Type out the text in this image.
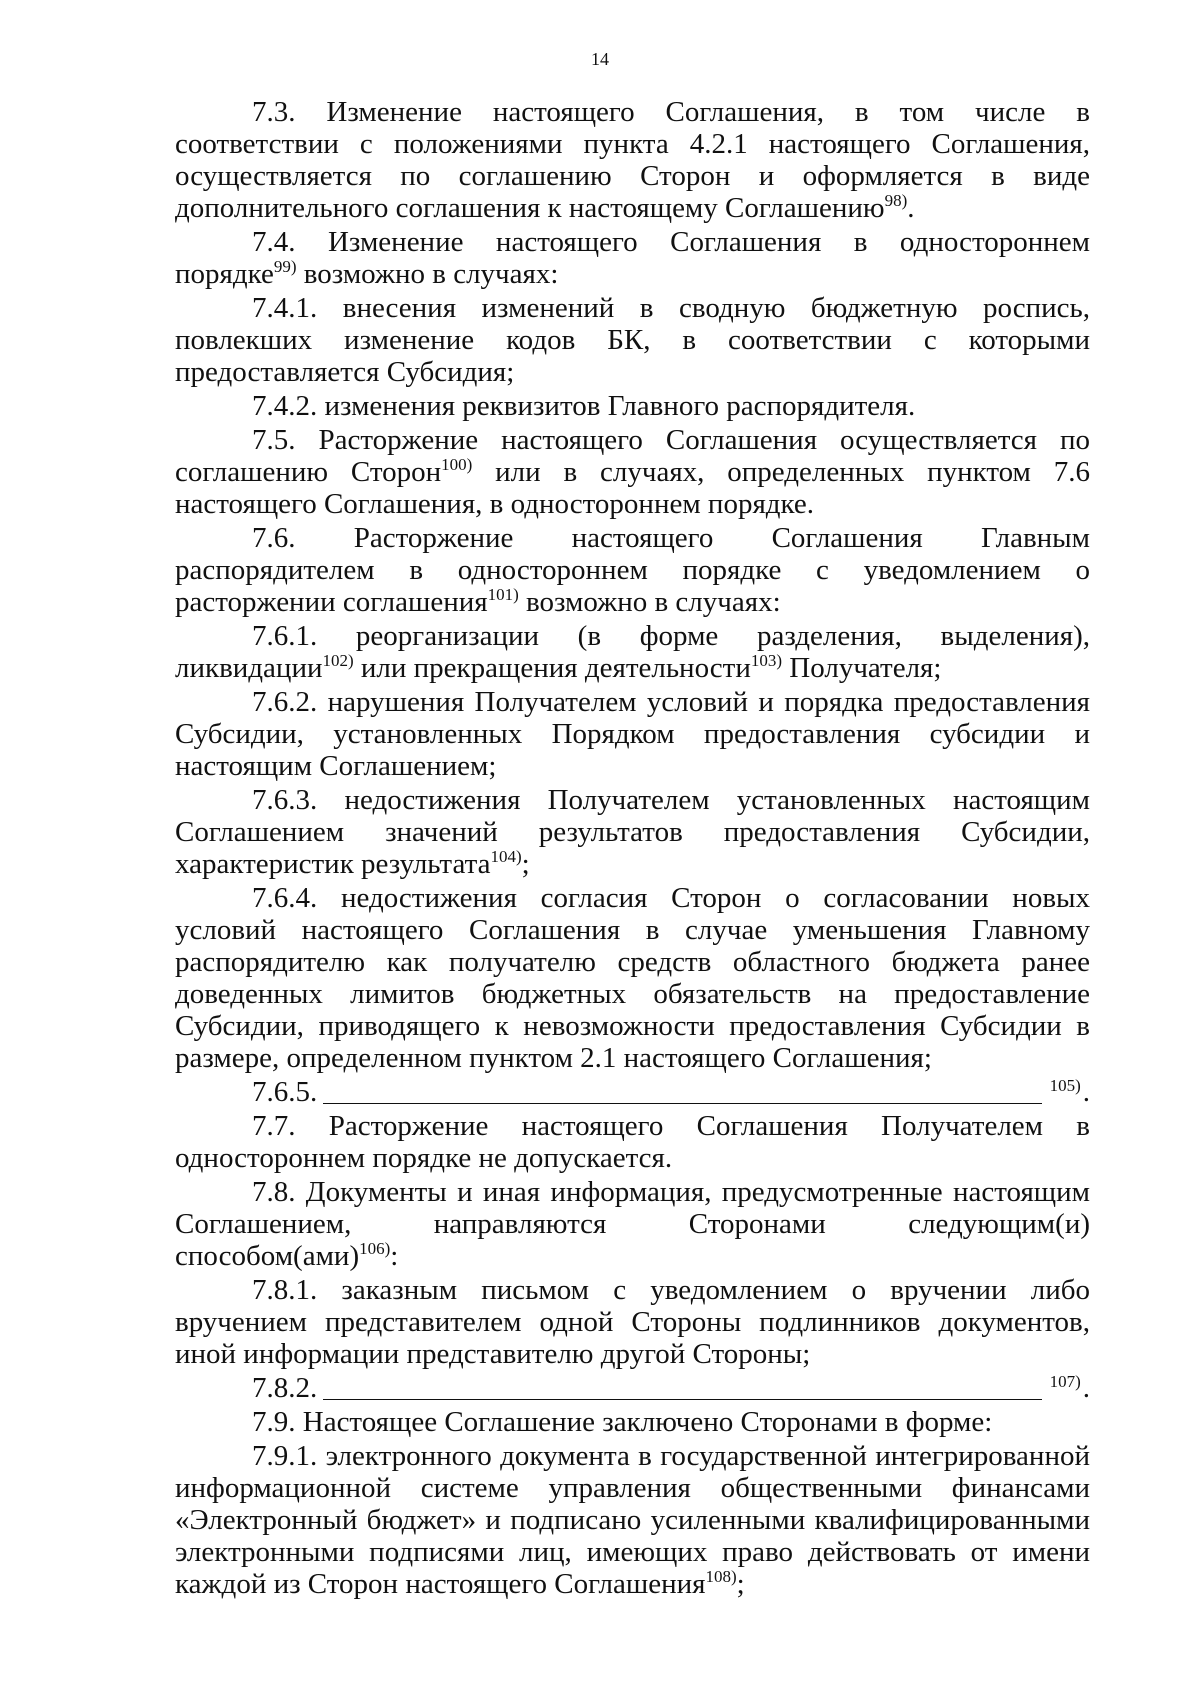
14

7.3. Изменение настоящего Соглашения, в том числе в соответствии с положениями пункта 4.2.1 настоящего Соглашения, осуществляется по соглашению Сторон и оформляется в виде дополнительного соглашения к настоящему Соглашению$^{98)}$.

7.4. Изменение настоящего Соглашения в одностороннем порядке$^{99)}$ возможно в случаях:

7.4.1. внесения изменений в сводную бюджетную роспись, повлекших изменение кодов БК, в соответствии с которыми предоставляется Субсидия;

7.4.2. изменения реквизитов Главного распорядителя.

7.5. Расторжение настоящего Соглашения осуществляется по соглашению Сторон$^{100)}$ или в случаях, определенных пунктом 7.6 настоящего Соглашения, в одностороннем порядке.

7.6. Расторжение настоящего Соглашения Главным распорядителем в одностороннем порядке с уведомлением о расторжении соглашения$^{101)}$ возможно в случаях:

7.6.1. реорганизации (в форме разделения, выделения), ликвидации$^{102)}$ или прекращения деятельности$^{103)}$ Получателя;

7.6.2. нарушения Получателем условий и порядка предоставления Субсидии, установленных Порядком предоставления субсидии и настоящим Соглашением;

7.6.3. недостижения Получателем установленных настоящим Соглашением значений результатов предоставления Субсидии, характеристик результата$^{104)}$;

7.6.4. недостижения согласия Сторон о согласовании новых условий настоящего Соглашения в случае уменьшения Главному распорядителю как получателю средств областного бюджета ранее доведенных лимитов бюджетных обязательств на предоставление Субсидии, приводящего к невозможности предоставления Субсидии в размере, определенном пунктом 2.1 настоящего Соглашения;

7.6.5.	105) .

7.7. Расторжение настоящего Соглашения Получателем в одностороннем порядке не допускается.

7.8. Документы и иная информация, предусмотренные настоящим Соглашением, направляются Сторонами следующим(и) способом(ами)$^{106)}$:

7.8.1. заказным письмом с уведомлением о вручении либо вручением представителем одной Стороны подлинников документов, иной информации представителю другой Стороны;

7.8.2.	107) .

7.9. Настоящее Соглашение заключено Сторонами в форме:

7.9.1. электронного документа в государственной интегрированной информационной системе управления общественными финансами «Электронный бюджет» и подписано усиленными квалифицированными электронными подписями лиц, имеющих право действовать от имени каждой из Сторон настоящего Соглашения$^{108)}$;
